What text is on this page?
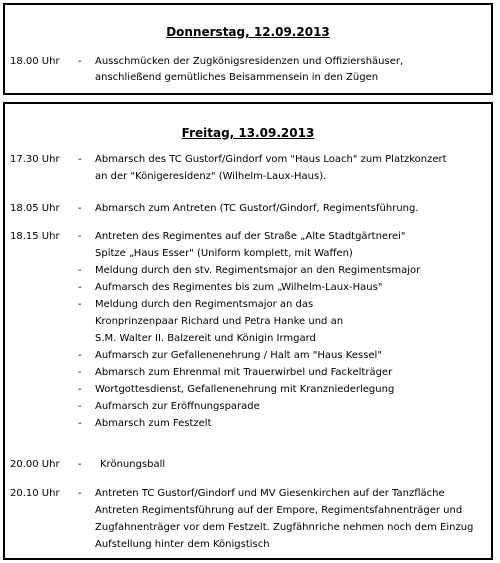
Donnerstag, 12.09.2013
18.00 Uhr - Ausschmücken der Zugkönigsresidenzen und Offiziershäuser,
anschließend gemütliches Beisammensein in den Zügen
Freitag, 13.09.2013
17.30 Uhr - Abmarsch des TC Gustorf/Gindorf vom "Haus Loach" zum Platzkonzert
an der "Königeresidenz" (Wilhelm-Laux-Haus).
18.05 Uhr - Abmarsch zum Antreten (TC Gustorf/Gindorf, Regimentsführung.
18.15 Uhr - Antreten des Regimentes auf der Straße „Alte Stadtgärtnerei"
Spitze „Haus Esser" (Uniform komplett, mit Waffen)
- Meldung durch den stv. Regimentsmajor an den Regimentsmajor
- Aufmarsch des Regimentes bis zum „Wilhelm-Laux-Haus"
- Meldung durch den Regimentsmajor an das
Kronprinzenpaar Richard und Petra Hanke und an
S.M. Walter II. Balzereit und Königin Irmgard
- Aufmarsch zur Gefallenenehrung / Halt am "Haus Kessel"
- Abmarsch zum Ehrenmal mit Trauerwirbel und Fackelträger
- Wortgottesdienst, Gefallenenehrung mit Kranzniederlegung
- Aufmarsch zur Eröffnungsparade
- Abmarsch zum Festzelt
20.00 Uhr - Krönungsball
20.10 Uhr - Antreten TC Gustorf/Gindorf und MV Giesenkirchen auf der Tanzfläche
Antreten Regimentsführung auf der Empore, Regimentsfahnenträger und
Zugfahnenträger vor dem Festzelt. Zugfähnriche nehmen noch dem Einzug
Aufstellung hinter dem Königstisch
